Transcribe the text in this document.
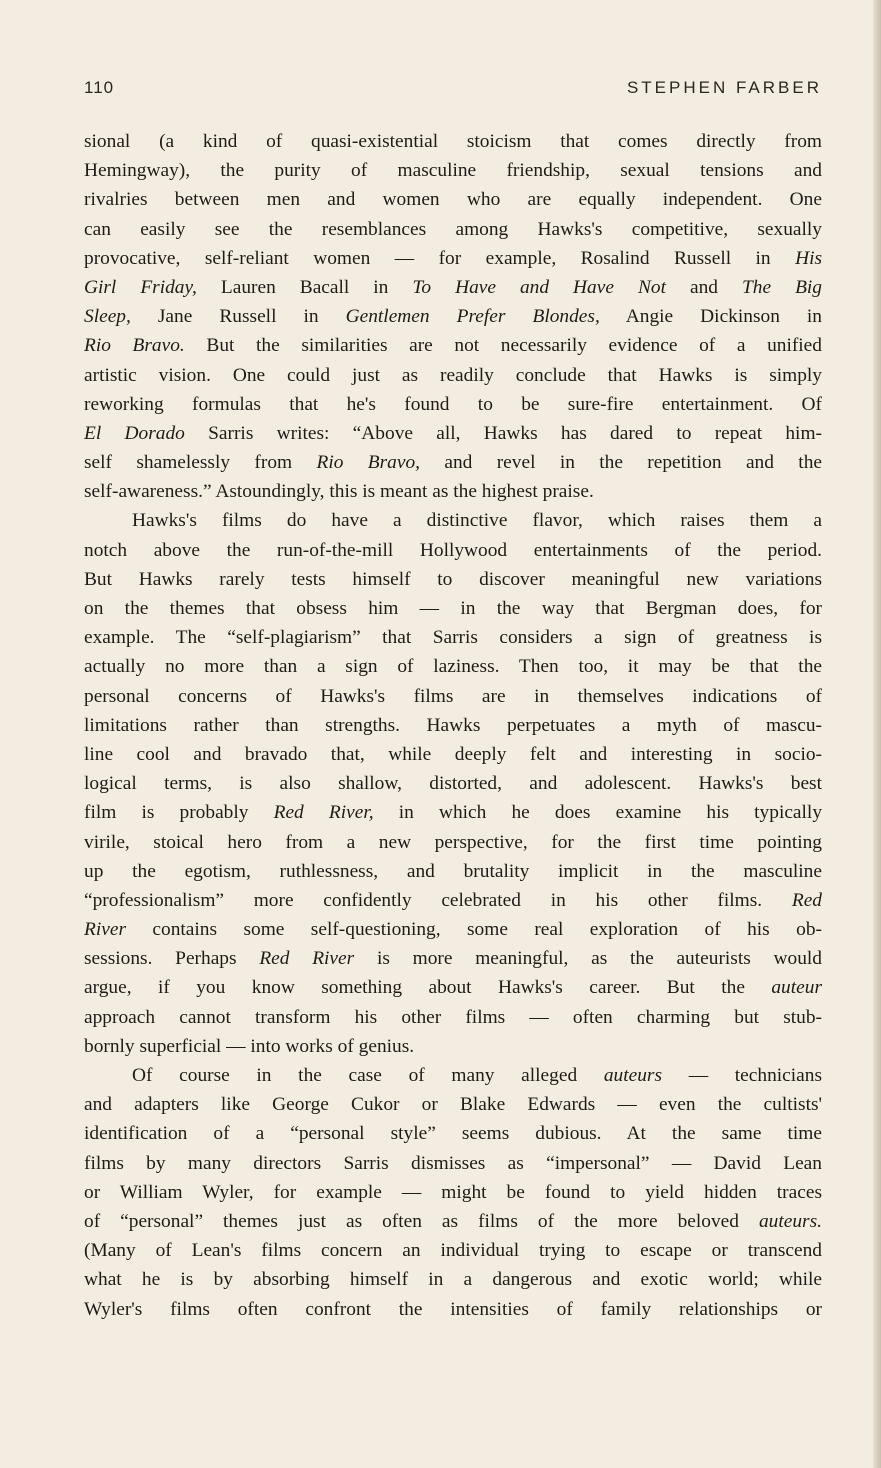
110	STEPHEN FARBER
sional (a kind of quasi-existential stoicism that comes directly from
Hemingway), the purity of masculine friendship, sexual tensions and
rivalries between men and women who are equally independent. One
can easily see the resemblances among Hawks's competitive, sexually
provocative, self-reliant women — for example, Rosalind Russell in His
Girl Friday, Lauren Bacall in To Have and Have Not and The Big
Sleep, Jane Russell in Gentlemen Prefer Blondes, Angie Dickinson in
Rio Bravo. But the similarities are not necessarily evidence of a unified
artistic vision. One could just as readily conclude that Hawks is simply
reworking formulas that he's found to be sure-fire entertainment. Of
El Dorado Sarris writes: “Above all, Hawks has dared to repeat him-
self shamelessly from Rio Bravo, and revel in the repetition and the
self-awareness.” Astoundingly, this is meant as the highest praise.
Hawks's films do have a distinctive flavor, which raises them a
notch above the run-of-the-mill Hollywood entertainments of the period.
But Hawks rarely tests himself to discover meaningful new variations
on the themes that obsess him — in the way that Bergman does, for
example. The “self-plagiarism” that Sarris considers a sign of greatness is
actually no more than a sign of laziness. Then too, it may be that the
personal concerns of Hawks's films are in themselves indications of
limitations rather than strengths. Hawks perpetuates a myth of mascu-
line cool and bravado that, while deeply felt and interesting in socio-
logical terms, is also shallow, distorted, and adolescent. Hawks's best
film is probably Red River, in which he does examine his typically
virile, stoical hero from a new perspective, for the first time pointing
up the egotism, ruthlessness, and brutality implicit in the masculine
“professionalism” more confidently celebrated in his other films. Red
River contains some self-questioning, some real exploration of his ob-
sessions. Perhaps Red River is more meaningful, as the auteurists would
argue, if you know something about Hawks's career. But the auteur
approach cannot transform his other films — often charming but stub-
bornly superficial — into works of genius.
Of course in the case of many alleged auteurs — technicians
and adapters like George Cukor or Blake Edwards — even the cultists'
identification of a “personal style” seems dubious. At the same time
films by many directors Sarris dismisses as “impersonal” — David Lean
or William Wyler, for example — might be found to yield hidden traces
of “personal” themes just as often as films of the more beloved auteurs.
(Many of Lean's films concern an individual trying to escape or transcend
what he is by absorbing himself in a dangerous and exotic world; while
Wyler's films often confront the intensities of family relationships or
